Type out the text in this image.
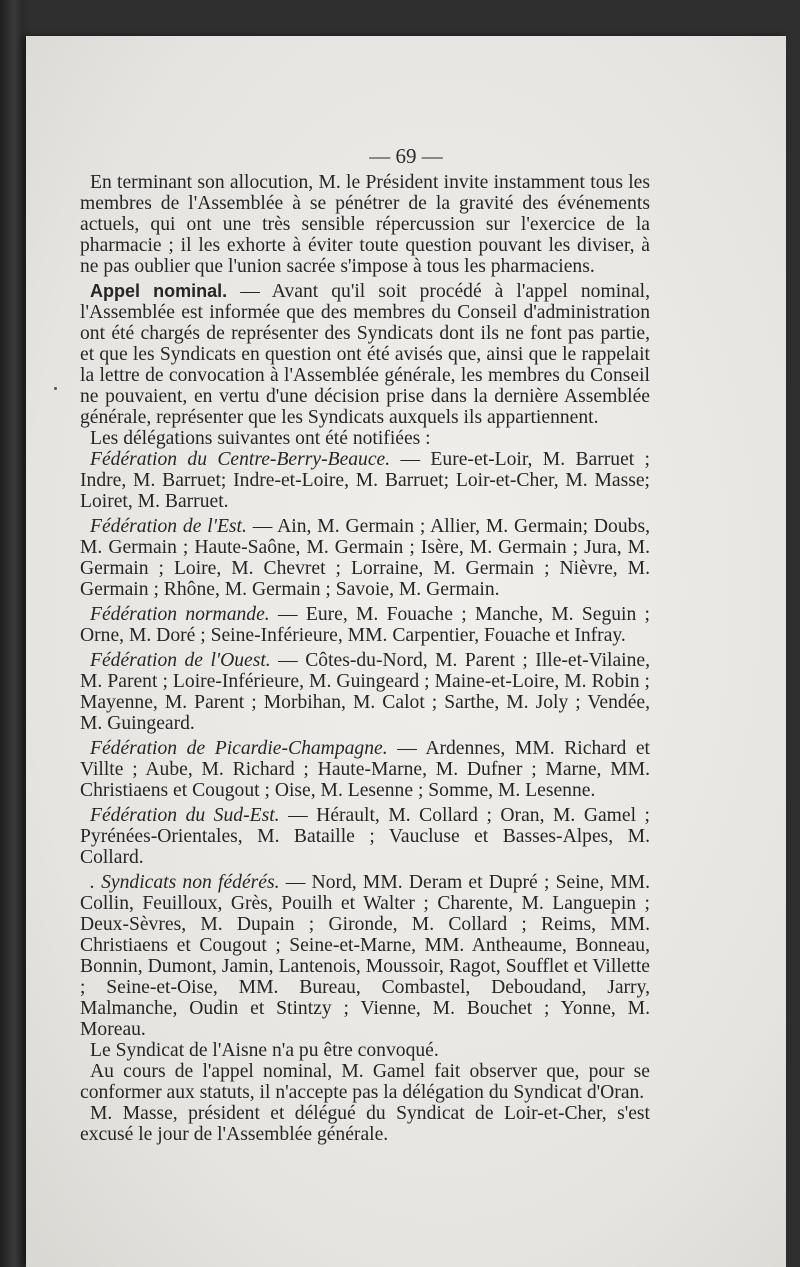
— 69 —

En terminant son allocution, M. le Président invite instamment tous les membres de l'Assemblée à se pénétrer de la gravité des événements actuels, qui ont une très sensible répercussion sur l'exercice de la pharmacie ; il les exhorte à éviter toute question pouvant les diviser, à ne pas oublier que l'union sacrée s'impose à tous les pharmaciens.

Appel nominal. — Avant qu'il soit procédé à l'appel nominal, l'Assemblée est informée que des membres du Conseil d'administration ont été chargés de représenter des Syndicats dont ils ne font pas partie, et que les Syndicats en question ont été avisés que, ainsi que le rappelait la lettre de convocation à l'Assemblée générale, les membres du Conseil ne pouvaient, en vertu d'une décision prise dans la dernière Assemblée générale, représenter que les Syndicats auxquels ils appartiennent.

Les délégations suivantes ont été notifiées :

Fédération du Centre-Berry-Beauce. — Eure-et-Loir, M. Barruet ; Indre, M. Barruet; Indre-et-Loire, M. Barruet; Loir-et-Cher, M. Masse; Loiret, M. Barruet.

Fédération de l'Est. — Ain, M. Germain ; Allier, M. Germain; Doubs, M. Germain ; Haute-Saône, M. Germain ; Isère, M. Germain ; Jura, M. Germain ; Loire, M. Chevret ; Lorraine, M. Germain ; Nièvre, M. Germain ; Rhône, M. Germain ; Savoie, M. Germain.

Fédération normande. — Eure, M. Fouache ; Manche, M. Seguin ; Orne, M. Doré ; Seine-Inférieure, MM. Carpentier, Fouache et Infray.

Fédération de l'Ouest. — Côtes-du-Nord, M. Parent ; Ille-et-Vilaine, M. Parent ; Loire-Inférieure, M. Guingeard ; Maine-et-Loire, M. Robin ; Mayenne, M. Parent ; Morbihan, M. Calot ; Sarthe, M. Joly ; Vendée, M. Guingeard.

Fédération de Picardie-Champagne. — Ardennes, MM. Richard et Villte ; Aube, M. Richard ; Haute-Marne, M. Dufner ; Marne, MM. Christiaens et Cougout ; Oise, M. Lesenne ; Somme, M. Lesenne.

Fédération du Sud-Est. — Hérault, M. Collard ; Oran, M. Gamel ; Pyrénées-Orientales, M. Bataille ; Vaucluse et Basses-Alpes, M. Collard.

. Syndicats non fédérés. — Nord, MM. Deram et Dupré ; Seine, MM. Collin, Feuilloux, Grès, Pouilh et Walter ; Charente, M. Languepin ; Deux-Sèvres, M. Dupain ; Gironde, M. Collard ; Reims, MM. Christiaens et Cougout ; Seine-et-Marne, MM. Antheaume, Bonneau, Bonnin, Dumont, Jamin, Lantenois, Moussoir, Ragot, Soufflet et Villette ; Seine-et-Oise, MM. Bureau, Combastel, Deboudand, Jarry, Malmanche, Oudin et Stintzy ; Vienne, M. Bouchet ; Yonne, M. Moreau.

Le Syndicat de l'Aisne n'a pu être convoqué.

Au cours de l'appel nominal, M. Gamel fait observer que, pour se conformer aux statuts, il n'accepte pas la délégation du Syndicat d'Oran.

M. Masse, président et délégué du Syndicat de Loir-et-Cher, s'est excusé le jour de l'Assemblée générale.
